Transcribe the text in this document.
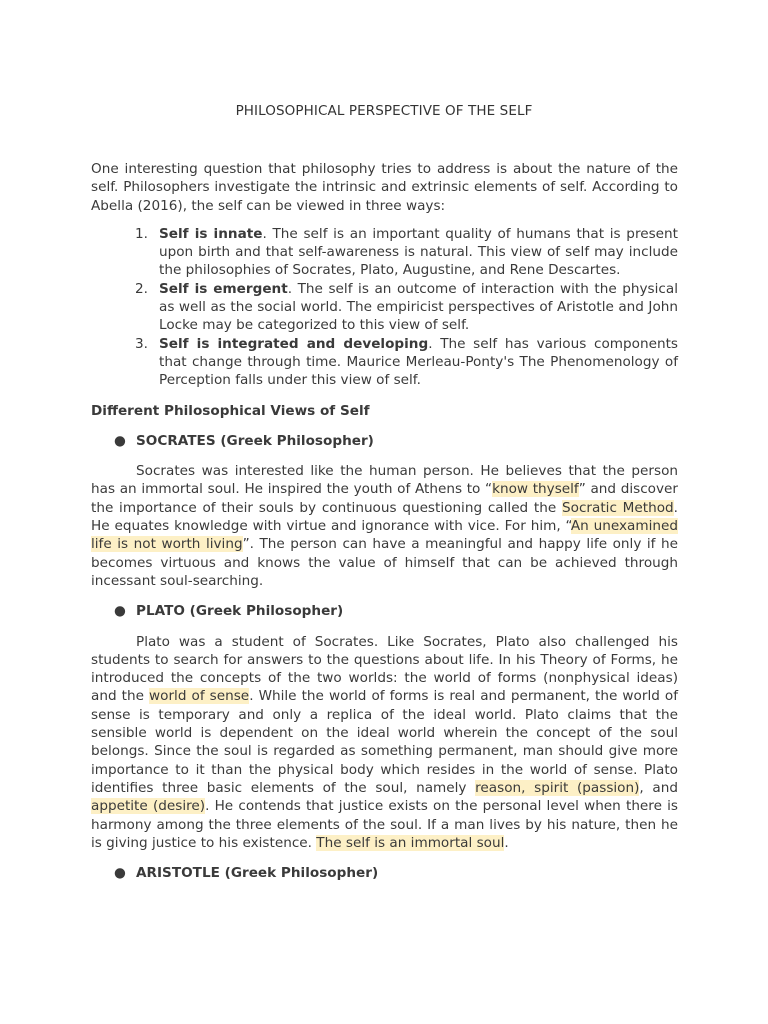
PHILOSOPHICAL PERSPECTIVE OF THE SELF

One interesting question that philosophy tries to address is about the nature of the self. Philosophers investigate the intrinsic and extrinsic elements of self. According to Abella (2016), the self can be viewed in three ways:

1. Self is innate. The self is an important quality of humans that is present upon birth and that self-awareness is natural. This view of self may include the philosophies of Socrates, Plato, Augustine, and Rene Descartes.
2. Self is emergent. The self is an outcome of interaction with the physical as well as the social world. The empiricist perspectives of Aristotle and John Locke may be categorized to this view of self.
3. Self is integrated and developing. The self has various components that change through time. Maurice Merleau-Ponty's The Phenomenology of Perception falls under this view of self.

Different Philosophical Views of Self

● SOCRATES (Greek Philosopher)

Socrates was interested like the human person. He believes that the person has an immortal soul. He inspired the youth of Athens to “know thyself” and discover the importance of their souls by continuous questioning called the Socratic Method. He equates knowledge with virtue and ignorance with vice. For him, “An unexamined life is not worth living”. The person can have a meaningful and happy life only if he becomes virtuous and knows the value of himself that can be achieved through incessant soul-searching.

● PLATO (Greek Philosopher)

Plato was a student of Socrates. Like Socrates, Plato also challenged his students to search for answers to the questions about life. In his Theory of Forms, he introduced the concepts of the two worlds: the world of forms (nonphysical ideas) and the world of sense. While the world of forms is real and permanent, the world of sense is temporary and only a replica of the ideal world. Plato claims that the sensible world is dependent on the ideal world wherein the concept of the soul belongs. Since the soul is regarded as something permanent, man should give more importance to it than the physical body which resides in the world of sense. Plato identifies three basic elements of the soul, namely reason, spirit (passion), and appetite (desire). He contends that justice exists on the personal level when there is harmony among the three elements of the soul. If a man lives by his nature, then he is giving justice to his existence. The self is an immortal soul.

● ARISTOTLE (Greek Philosopher)
